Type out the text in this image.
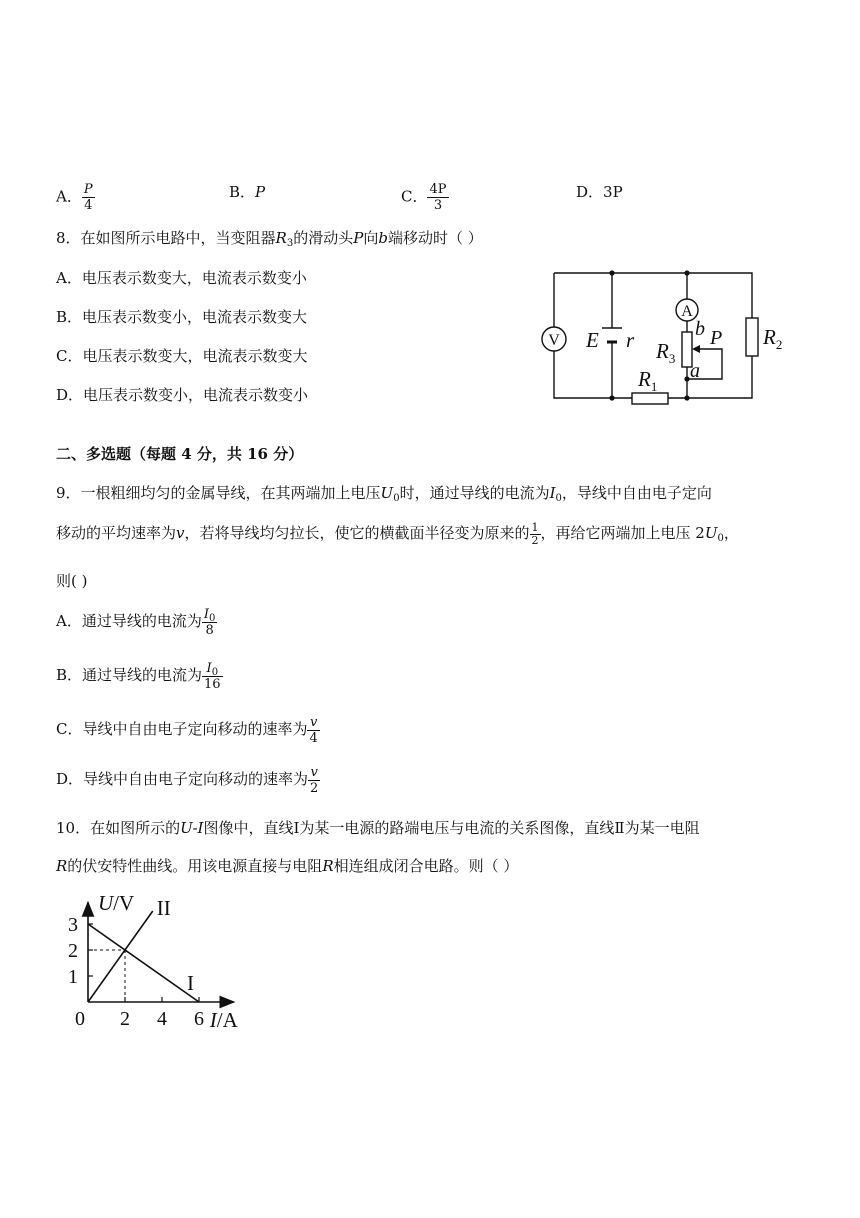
A． $\frac{P}{4}$	B．P	C． $\frac{4P}{3}$	D．3P
8．在如图所示电路中，当变阻器$R_3$的滑动头P向b端移动时（ ）
A．电压表示数变大，电流表示数变小
B．电压表示数变小，电流表示数变大
C．电压表示数变大，电流表示数变大
D．电压表示数变小，电流表示数变小
V
A
E r $R_3$
b
a
P $R_2$
$R_1$
二、多选题（每题 4 分，共 16 分）
9．一根粗细均匀的金属导线，在其两端加上电压$U_0$时，通过导线的电流为$I_0$，导线中自由电子定向
移动的平均速率为v，若将导线均匀拉长，使它的横截面半径变为原来的 $\frac{1}{2}$ ，再给它两端加上电压 $2U_0$，
则( )
A．通过导线的电流为 $\frac{I_0}{8}$
B．通过导线的电流为 $\frac{I_0}{16}$
C．导线中自由电子定向移动的速率为 $\frac{v}{4}$
D．导线中自由电子定向移动的速率为 $\frac{v}{2}$
10．在如图所示的U-I图像中，直线Ⅰ为某一电源的路端电压与电流的关系图像，直线Ⅱ为某一电阻
R的伏安特性曲线。用该电源直接与电阻R相连组成闭合电路。则（ ）
0 2 4 6
1
2
3
I
II
U/V
I/A
